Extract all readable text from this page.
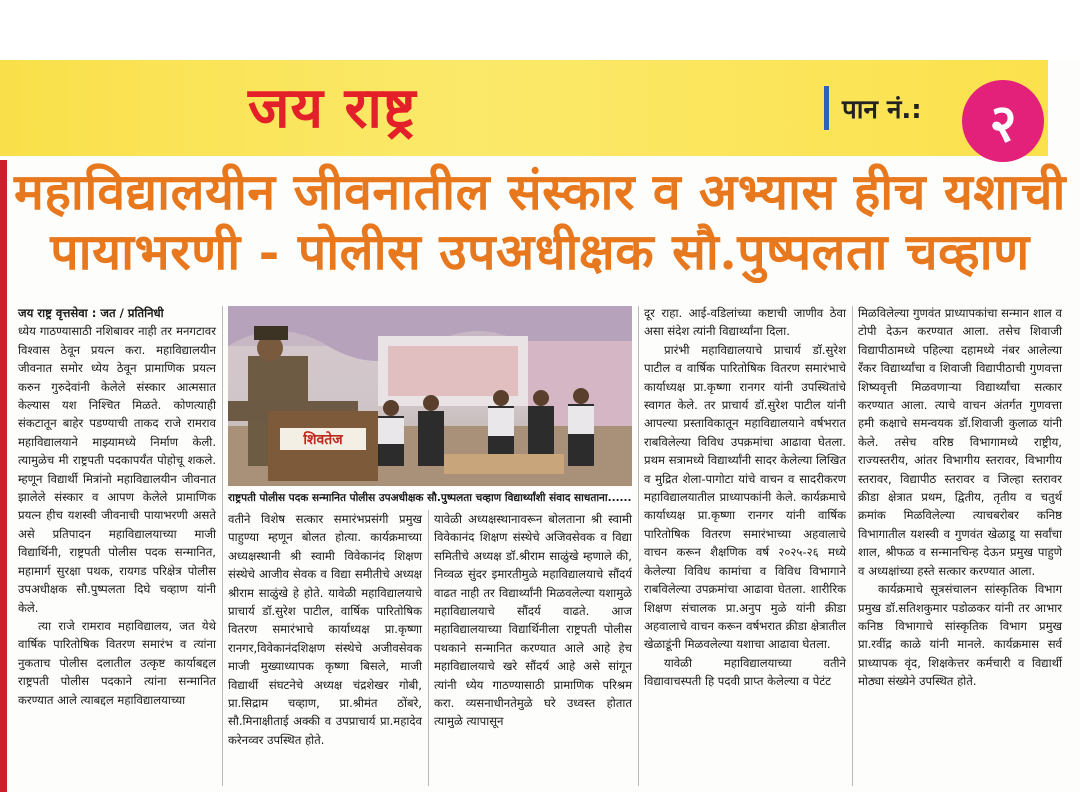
जय राष्ट्र	पान नं.:	२
महाविद्यालयीन जीवनातील संस्कार व अभ्यास हीच यशाची
पायाभरणी - पोलीस उपअधीक्षक सौ.पुष्पलता चव्हाण

जय राष्ट्र वृत्तसेवा : जत / प्रतिनिधी

ध्येय गाठण्यासाठी नशिबावर नाही तर मनगटावर विश्वास ठेवून प्रयत्न करा. महाविद्यालयीन जीवनात समोर ध्येय ठेवून प्रामाणिक प्रयत्न करुन गुरुदेवांनी केलेले संस्कार आत्मसात केल्यास यश निश्चित मिळते. कोणत्याही संकटातून बाहेर पडण्याची ताकद राजे रामराव महाविद्यालयाने माझ्यामध्ये निर्माण केली. त्यामुळेच मी राष्ट्रपती पदकापर्यंत पोहोचू शकले. म्हणून विद्यार्थी मित्रांनो महाविद्यालयीन जीवनात झालेले संस्कार व आपण केलेले प्रामाणिक प्रयत्न हीच यशस्वी जीवनाची पायाभरणी असते असे प्रतिपादन महाविद्यालयाच्या माजी विद्यार्थिनी, राष्ट्रपती पोलीस पदक सन्मानित, महामार्ग सुरक्षा पथक, रायगड परिक्षेत्र पोलीस उपअधीक्षक सौ.पुष्पलता दिघे चव्हाण यांनी केले.

त्या राजे रामराव महाविद्यालय, जत येथे वार्षिक पारितोषिक वितरण समारंभ व त्यांना नुकताच पोलीस दलातील उत्कृष्ट कार्याबद्दल राष्ट्रपती पोलीस पदकाने त्यांना सन्मानित करण्यात आले त्याबद्दल महाविद्यालयाच्या

शिवतेज
राष्ट्रपती पोलीस पदक सन्मानित पोलीस उपअधीक्षक सौ.पुष्पलता चव्हाण विद्यार्थ्यांशी संवाद साधताना......

वतीने विशेष सत्कार समारंभप्रसंगी प्रमुख पाहुण्या म्हणून बोलत होत्या. कार्यक्रमाच्या अध्यक्षस्थानी श्री स्वामी विवेकानंद शिक्षण संस्थेचे आजीव सेवक व विद्या समीतीचे अध्यक्ष श्रीराम साळुंखे हे होते. यावेळी महाविद्यालयाचे प्राचार्य डॉ.सुरेश पाटील, वार्षिक पारितोषिक वितरण समारंभाचे कार्याध्यक्ष प्रा.कृष्णा रानगर,विवेकानंदशिक्षण संस्थेचे अजीवसेवक माजी मुख्याध्यापक कृष्णा बिसले, माजी विद्यार्थी संघटनेचे अध्यक्ष चंद्रशेखर गोबी, प्रा.सिद्राम चव्हाण, प्रा.श्रीमंत ठोंबरे, सौ.मिनाक्षीताई अक्की व उपप्राचार्य प्रा.महादेव करेनव्वर उपस्थित होते.

यावेळी अध्यक्षस्थानावरून बोलताना श्री स्वामी विवेकानंद शिक्षण संस्थेचे अजिवसेवक व विद्या समितीचे अध्यक्ष डॉ.श्रीराम साळुंखे म्हणाले की, निव्वळ सुंदर इमारतीमुळे महाविद्यालयाचे सौंदर्य वाढत नाही तर विद्यार्थ्यांनी मिळवलेल्या यशामुळे महाविद्यालयाचे सौंदर्य वाढते. आज महाविद्यालयाच्या विद्यार्थिनीला राष्ट्रपती पोलीस पथकाने सन्मानित करण्यात आले आहे हेच महाविद्यालयाचे खरे सौंदर्य आहे असे सांगून त्यांनी ध्येय गाठण्यासाठी प्रामाणिक परिश्रम करा. व्यसनाधीनतेमुळे घरे उध्वस्त होतात त्यामुळे त्यापासून

दूर राहा. आई-वडिलांच्या कष्टाची जाणीव ठेवा असा संदेश त्यांनी विद्यार्थ्यांना दिला.

प्रारंभी महाविद्यालयाचे प्राचार्य डॉ.सुरेश पाटील व वार्षिक पारितोषिक वितरण समारंभाचे कार्याध्यक्ष प्रा.कृष्णा रानगर यांनी उपस्थितांचे स्वागत केले. तर प्राचार्य डॉ.सुरेश पाटील यांनी आपल्या प्रस्ताविकातून महाविद्यालयाने वर्षभरात राबविलेल्या विविध उपक्रमांचा आढावा घेतला. प्रथम सत्रामध्ये विद्यार्थ्यांनी सादर केलेल्या लिखित व मुद्रित शेला-पागोटा यांचे वाचन व सादरीकरण महाविद्यालयातील प्राध्यापकांनी केले. कार्यक्रमाचे कार्याध्यक्ष प्रा.कृष्णा रानगर यांनी वार्षिक पारितोषिक वितरण समारंभाच्या अहवालाचे वाचन करून शैक्षणिक वर्ष २०२५-२६ मध्ये केलेल्या विविध कामांचा व विविध विभागाने राबविलेल्या उपक्रमांचा आढावा घेतला. शारीरिक शिक्षण संचालक प्रा.अनुप मुळे यांनी क्रीडा अहवालाचे वाचन करून वर्षभरात क्रीडा क्षेत्रातील खेळाडूंनी मिळवलेल्या यशाचा आढावा घेतला.

यावेळी महाविद्यालयाच्या वतीने विद्यावाचस्पती हि पदवी प्राप्त केलेल्या व पेटंट

मिळविलेल्या गुणवंत प्राध्यापकांचा सन्मान शाल व टोपी देऊन करण्यात आला. तसेच शिवाजी विद्यापीठामध्ये पहिल्या दहामध्ये नंबर आलेल्या रँकर विद्यार्थ्यांचा व शिवाजी विद्यापीठाची गुणवत्ता शिष्यवृत्ती मिळवणाऱ्या विद्यार्थ्यांचा सत्कार करण्यात आला. त्याचे वाचन अंतर्गत गुणवत्ता हमी कक्षाचे समन्वयक डॉ.शिवाजी कुलाळ यांनी केले. तसेच वरिष्ठ विभागामध्ये राष्ट्रीय, राज्यस्तरीय, आंतर विभागीय स्तरावर, विभागीय स्तरावर, विद्यापीठ स्तरावर व जिल्हा स्तरावर क्रीडा क्षेत्रात प्रथम, द्वितीय, तृतीय व चतुर्थ क्रमांक मिळविलेल्या त्याचबरोबर कनिष्ठ विभागातील यशस्वी व गुणवंत खेळाडू या सर्वांचा शाल, श्रीफळ व सन्मानचिन्ह देऊन प्रमुख पाहुणे व अध्यक्षांच्या हस्ते सत्कार करण्यात आला.

कार्यक्रमाचे सूत्रसंचालन सांस्कृतिक विभाग प्रमुख डॉ.सतिशकुमार पडोळकर यांनी तर आभार कनिष्ठ विभागाचे सांस्कृतिक विभाग प्रमुख प्रा.रवींद्र काळे यांनी मानले. कार्यक्रमास सर्व प्राध्यापक वृंद, शिक्षकेत्तर कर्मचारी व विद्यार्थी मोठ्या संख्येने उपस्थित होते.
